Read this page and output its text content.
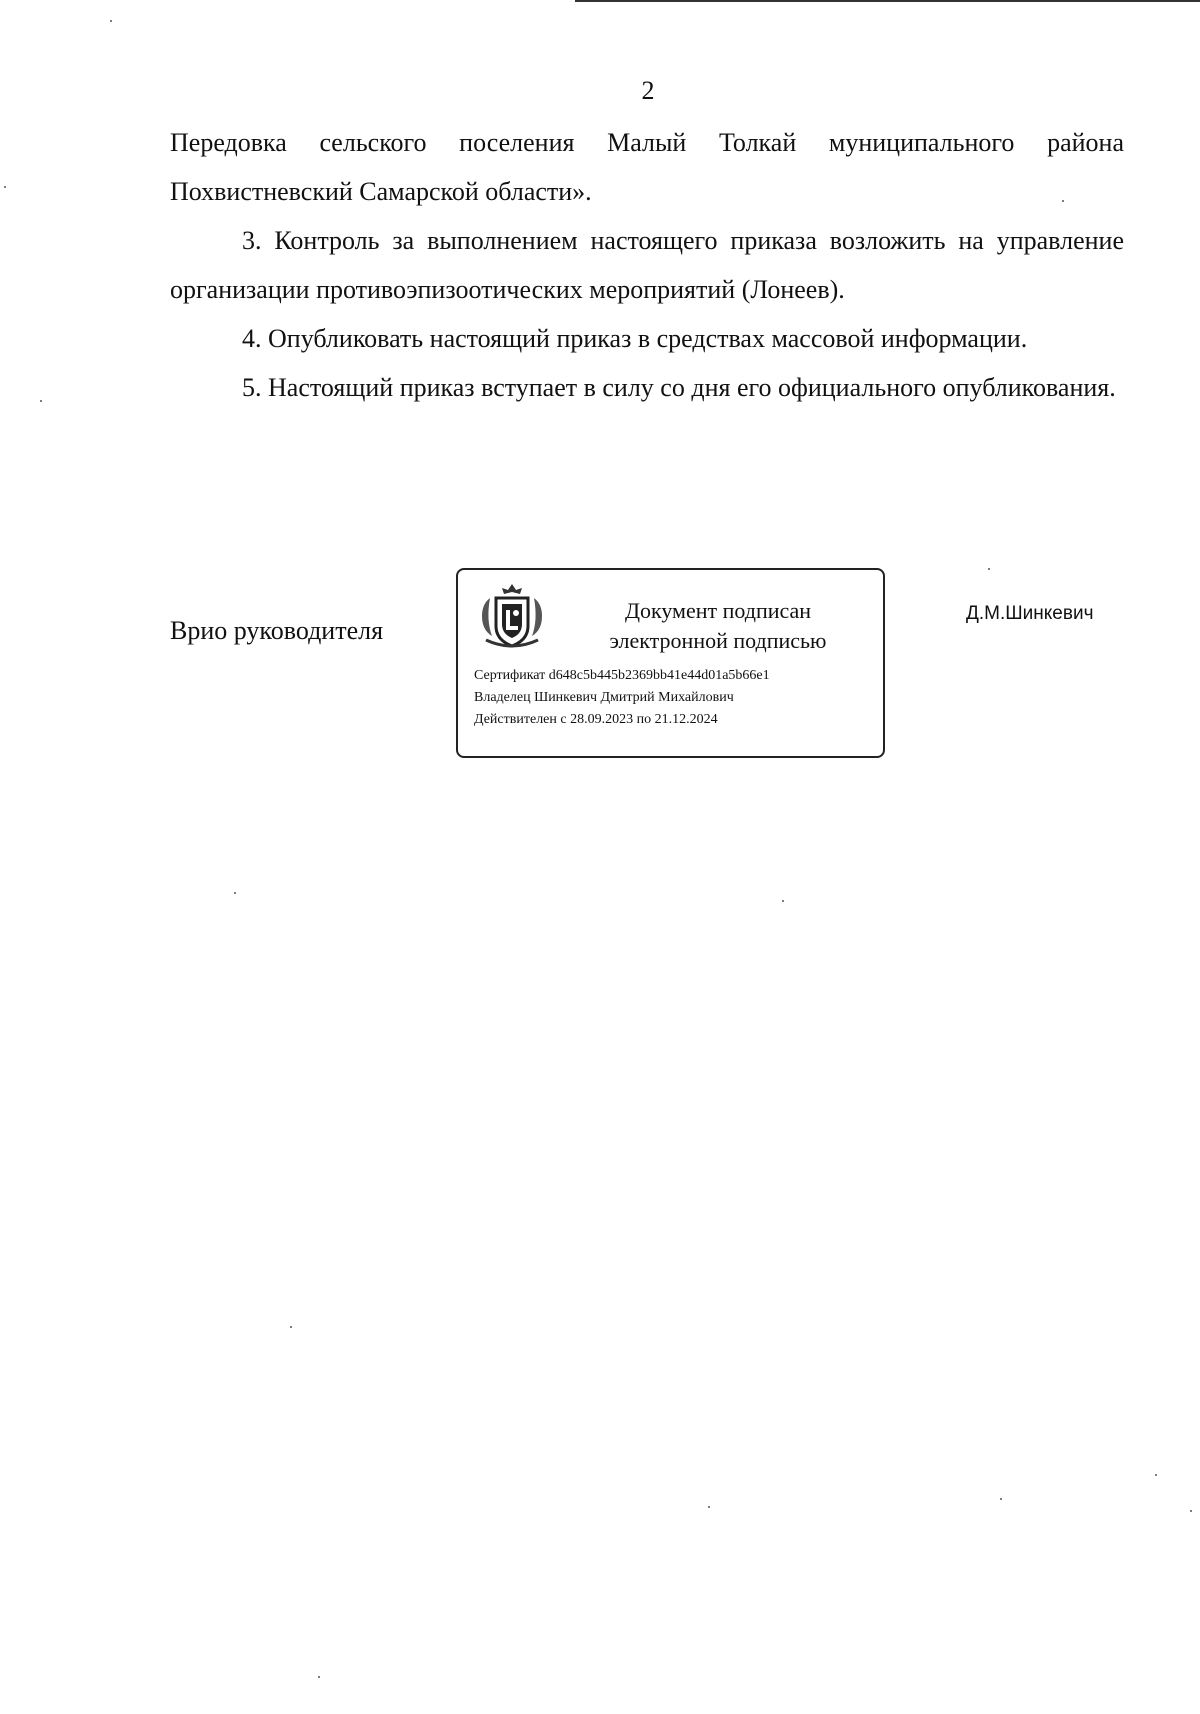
2

Передовка сельского поселения Малый Толкай муниципального района Похвистневский Самарской области».

3. Контроль за выполнением настоящего приказа возложить на управление организации противоэпизоотических мероприятий (Лонеев).

4. Опубликовать настоящий приказ в средствах массовой информации.

5. Настоящий приказ вступает в силу со дня его официального опубликования.

Врио руководителя
Документ подписан
электронной подписью
Сертификат d648c5b445b2369bb41e44d01a5b66e1
Владелец Шинкевич Дмитрий Михайлович
Действителен с 28.09.2023 по 21.12.2024
Д.М.Шинкевич
